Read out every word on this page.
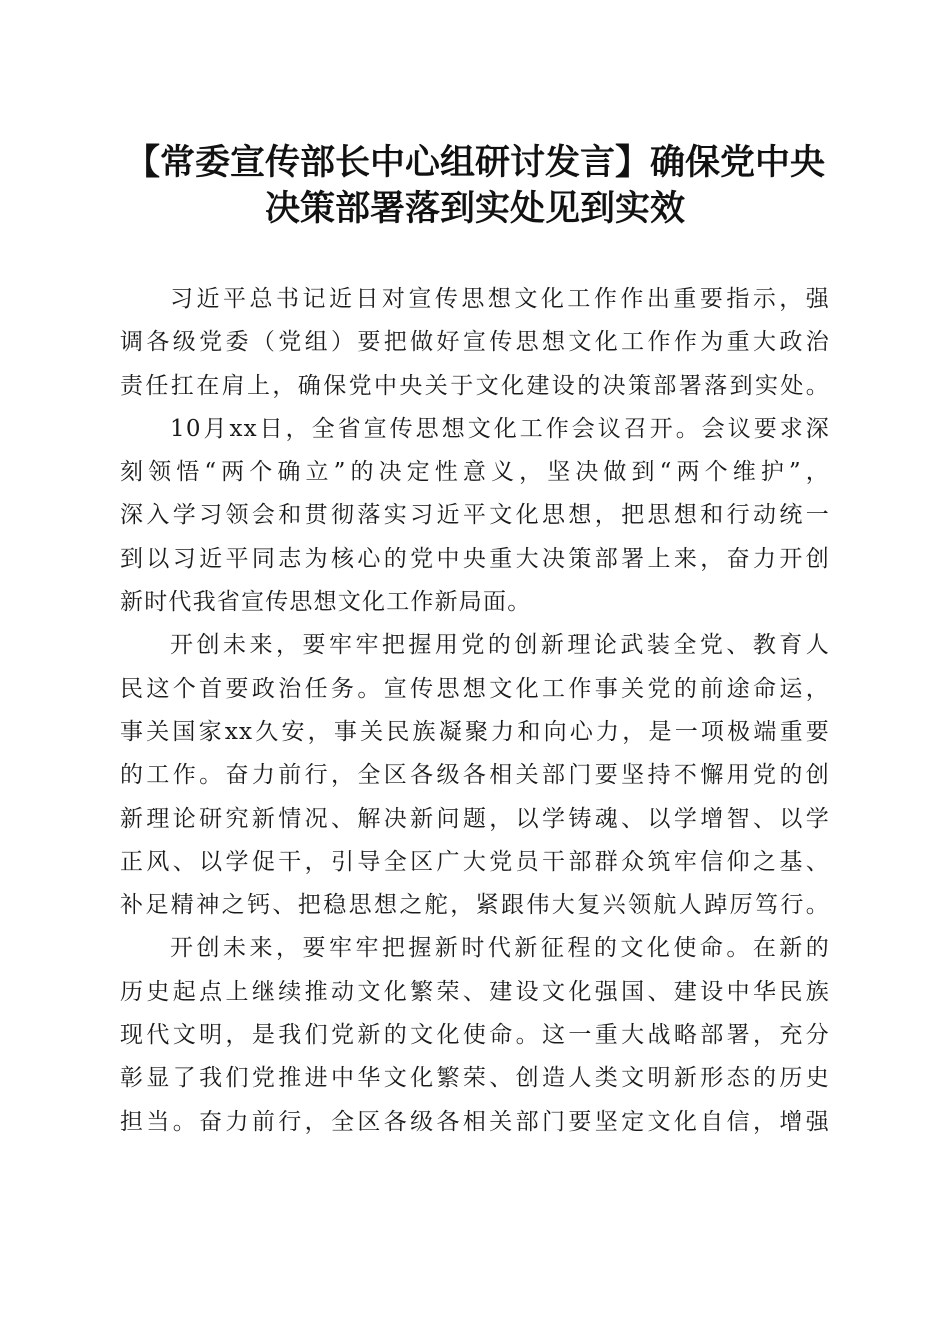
【常委宣传部长中心组研讨发言】确保党中央
决策部署落到实处见到实效
习近平总书记近日对宣传思想文化工作作出重要指示，强
调各级党委（党组）要把做好宣传思想文化工作作为重大政治
责任扛在肩上，确保党中央关于文化建设的决策部署落到实处。
10月xx日，全省宣传思想文化工作会议召开。会议要求深
刻领悟“两个确立”的决定性意义，坚决做到“两个维护”，
深入学习领会和贯彻落实习近平文化思想，把思想和行动统一
到以习近平同志为核心的党中央重大决策部署上来，奋力开创
新时代我省宣传思想文化工作新局面。
开创未来，要牢牢把握用党的创新理论武装全党、教育人
民这个首要政治任务。宣传思想文化工作事关党的前途命运，
事关国家xx久安，事关民族凝聚力和向心力，是一项极端重要
的工作。奋力前行，全区各级各相关部门要坚持不懈用党的创
新理论研究新情况、解决新问题，以学铸魂、以学增智、以学
正风、以学促干，引导全区广大党员干部群众筑牢信仰之基、
补足精神之钙、把稳思想之舵，紧跟伟大复兴领航人踔厉笃行。
开创未来，要牢牢把握新时代新征程的文化使命。在新的
历史起点上继续推动文化繁荣、建设文化强国、建设中华民族
现代文明，是我们党新的文化使命。这一重大战略部署，充分
彰显了我们党推进中华文化繁荣、创造人类文明新形态的历史
担当。奋力前行，全区各级各相关部门要坚定文化自信，增强
